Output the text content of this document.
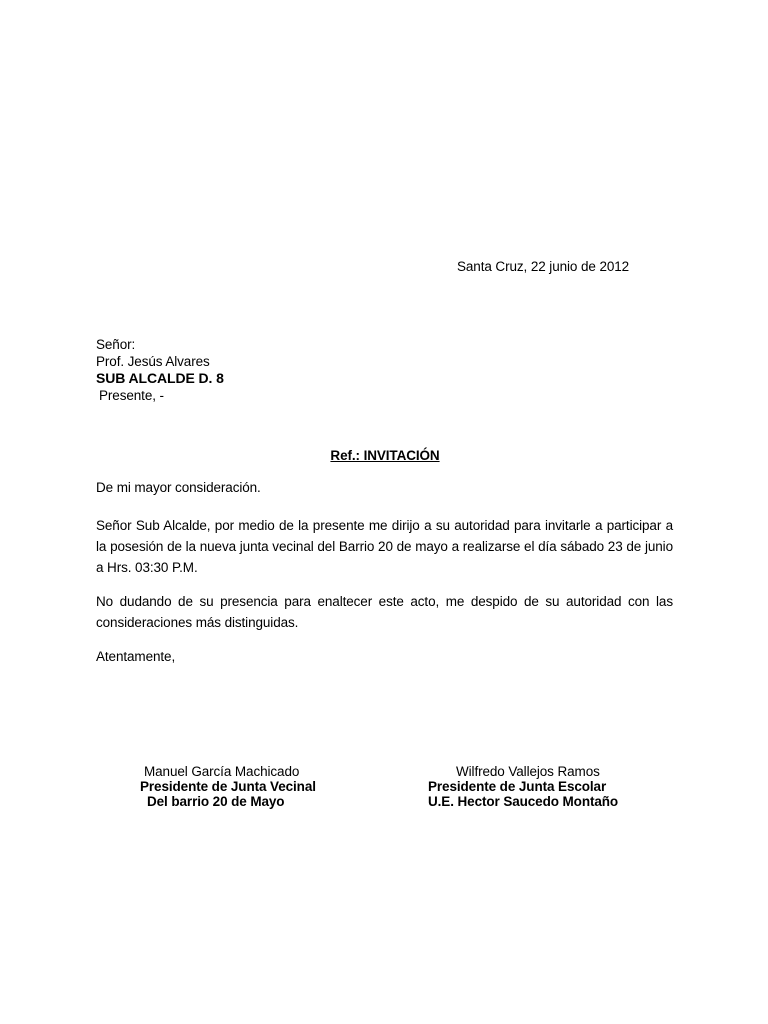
Santa Cruz, 22 junio de 2012
Señor:
Prof. Jesús Alvares
SUB ALCALDE D. 8
Presente, -
Ref.: INVITACIÓN
De mi mayor consideración.
Señor Sub Alcalde, por medio de la presente me dirijo a su autoridad para invitarle a participar a la posesión de la nueva junta vecinal del Barrio 20 de mayo a realizarse el día sábado 23 de junio a Hrs. 03:30 P.M.
No dudando de su presencia para enaltecer este acto, me despido de su autoridad con las consideraciones más distinguidas.
Atentamente,
Manuel García Machicado
Presidente de Junta Vecinal
Del barrio 20 de Mayo
Wilfredo Vallejos Ramos
Presidente de Junta Escolar
U.E. Hector Saucedo Montaño
